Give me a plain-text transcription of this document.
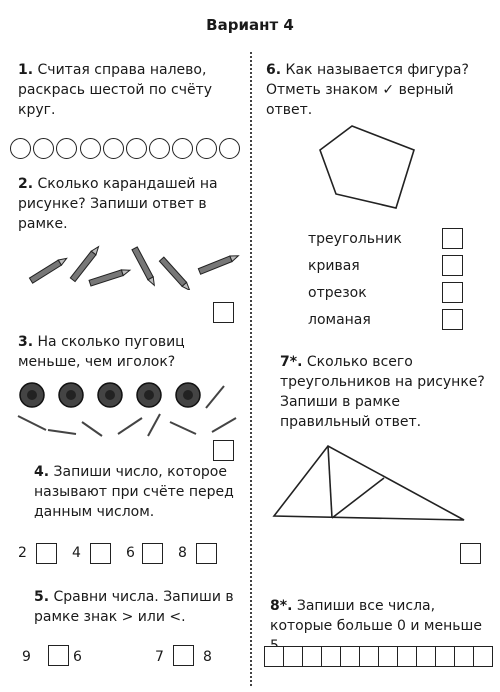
Вариант 4
1. Считая справа налево, раскрась шестой по счёту круг.
2. Сколько карандашей на рисунке? Запиши ответ в рамке.
3. На сколько пуговиц меньше, чем иголок?
4. Запиши число, которое называют при счёте перед данным числом.
2	4	6	8
5. Сравни числа. Запиши в рамке знак > или <.
9	6	7	8
6. Как называется фигура? Отметь знаком ✓ верный ответ.
треугольник
кривая
отрезок
ломаная
7*. Сколько всего треугольников на рисунке? Запиши в рамке правильный ответ.
8*. Запиши все числа, которые больше 0 и меньше
